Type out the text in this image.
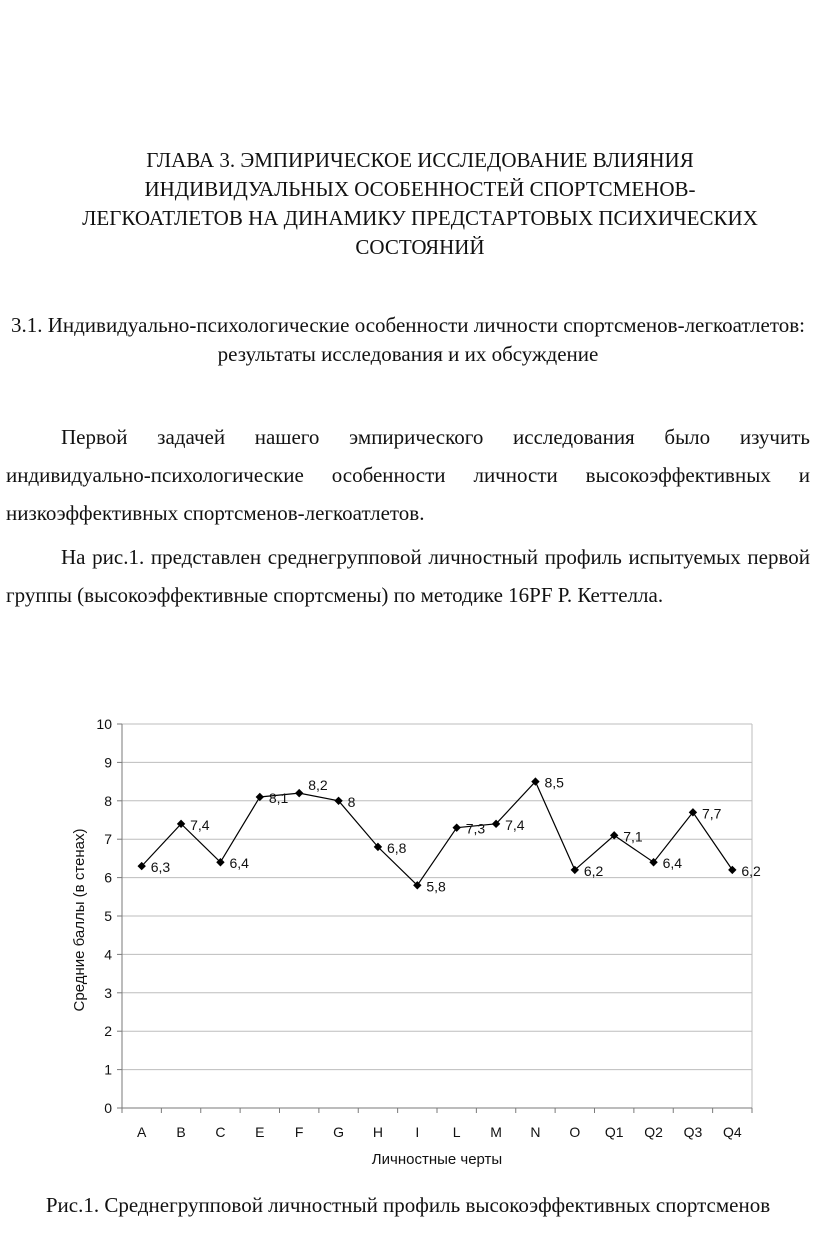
ГЛАВА 3. ЭМПИРИЧЕСКОЕ ИССЛЕДОВАНИЕ ВЛИЯНИЯ ИНДИВИДУАЛЬНЫХ ОСОБЕННОСТЕЙ СПОРТСМЕНОВ-ЛЕГКОАТЛЕТОВ НА ДИНАМИКУ ПРЕДСТАРТОВЫХ ПСИХИЧЕСКИХ СОСТОЯНИЙ
3.1. Индивидуально-психологические особенности личности спортсменов-легкоатлетов: результаты исследования и их обсуждение

Первой задачей нашего эмпирического исследования было изучить индивидуально-психологические особенности личности высокоэффективных и низкоэффективных спортсменов-легкоатлетов.

На рис.1. представлен среднегрупповой личностный профиль испытуемых первой группы (высокоэффективные спортсмены) по методике 16PF Р. Кеттелла.

0
1
2
3
4
5
6
7
8
9
10
A B C E F G H I L M N O Q1 Q2 Q3 Q4
6,3
7,4
6,4
8,1
8,2
8
6,8
5,8
7,3 7,4
8,5
6,2
7,1
6,4
7,7
6,2
Личностные черты
Средние баллы (в стенах)

Рис.1. Среднегрупповой личностный профиль высокоэффективных спортсменов
